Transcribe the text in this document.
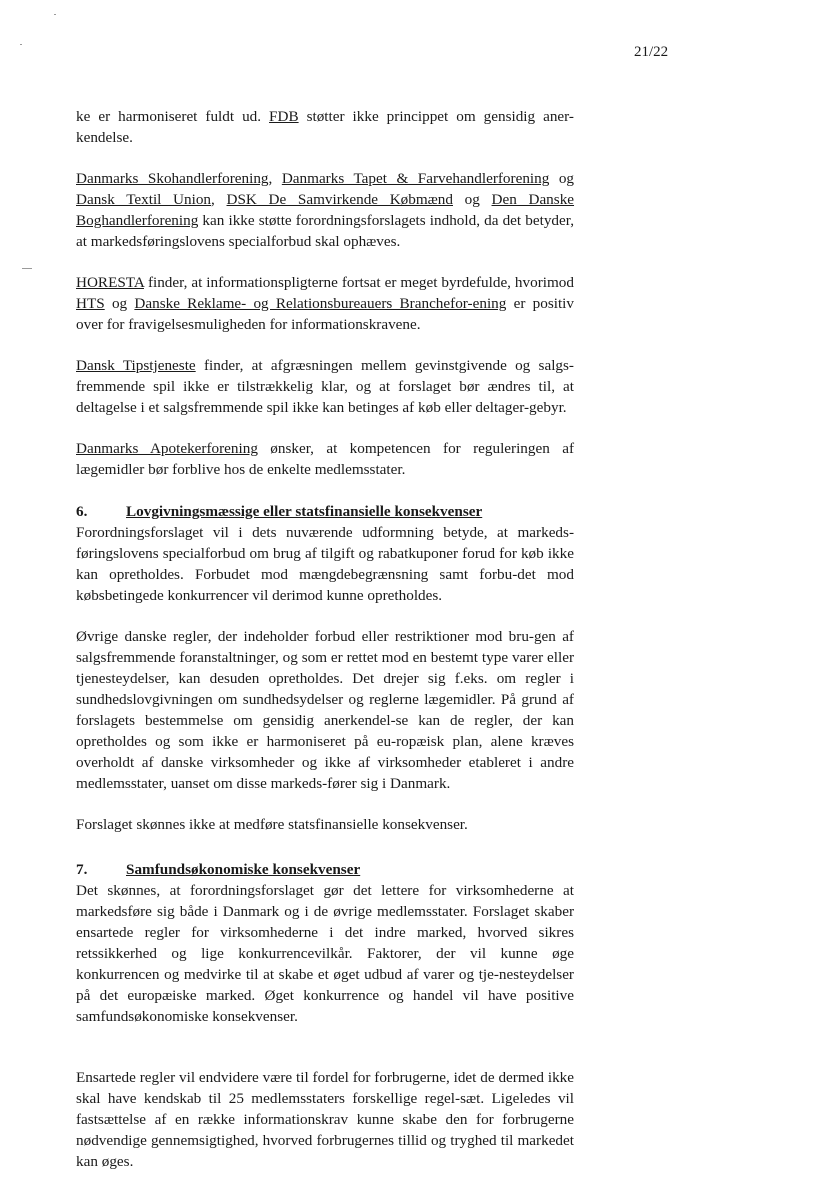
21/22

ke er harmoniseret fuldt ud. FDB støtter ikke princippet om gensidig aner-kendelse.

Danmarks Skohandlerforening, Danmarks Tapet & Farvehandlerforening og Dansk Textil Union, DSK De Samvirkende Købmænd og Den Danske Boghandlerforening kan ikke støtte forordningsforslagets indhold, da det betyder, at markedsføringslovens specialforbud skal ophæves.

HORESTA finder, at informationspligterne fortsat er meget byrdefulde, hvorimod HTS og Danske Reklame- og Relationsbureauers Branchefor-ening er positiv over for fravigelsesmuligheden for informationskravene.

Dansk Tipstjeneste finder, at afgræsningen mellem gevinstgivende og salgs-fremmende spil ikke er tilstrækkelig klar, og at forslaget bør ændres til, at deltagelse i et salgsfremmende spil ikke kan betinges af køb eller deltager-gebyr.

Danmarks Apotekerforening ønsker, at kompetencen for reguleringen af lægemidler bør forblive hos de enkelte medlemsstater.

6.	Lovgivningsmæssige eller statsfinansielle konsekvenser

Forordningsforslaget vil i dets nuværende udformning betyde, at markeds-føringslovens specialforbud om brug af tilgift og rabatkuponer forud for køb ikke kan opretholdes. Forbudet mod mængdebegrænsning samt forbu-det mod købsbetingede konkurrencer vil derimod kunne opretholdes.

Øvrige danske regler, der indeholder forbud eller restriktioner mod bru-gen af salgsfremmende foranstaltninger, og som er rettet mod en bestemt type varer eller tjenesteydelser, kan desuden opretholdes. Det drejer sig f.eks. om regler i sundhedslovgivningen om sundhedsydelser og reglerne lægemidler. På grund af forslagets bestemmelse om gensidig anerkendel-se kan de regler, der kan opretholdes og som ikke er harmoniseret på eu-ropæisk plan, alene kræves overholdt af danske virksomheder og ikke af virksomheder etableret i andre medlemsstater, uanset om disse markeds-fører sig i Danmark.

Forslaget skønnes ikke at medføre statsfinansielle konsekvenser.

7.	Samfundsøkonomiske konsekvenser

Det skønnes, at forordningsforslaget gør det lettere for virksomhederne at markedsføre sig både i Danmark og i de øvrige medlemsstater. Forslaget skaber ensartede regler for virksomhederne i det indre marked, hvorved sikres retssikkerhed og lige konkurrencevilkår. Faktorer, der vil kunne øge konkurrencen og medvirke til at skabe et øget udbud af varer og tje-nesteydelser på det europæiske marked. Øget konkurrence og handel vil have positive samfundsøkonomiske konsekvenser.

Ensartede regler vil endvidere være til fordel for forbrugerne, idet de dermed ikke skal have kendskab til 25 medlemsstaters forskellige regel-sæt. Ligeledes vil fastsættelse af en række informationskrav kunne skabe den for forbrugerne nødvendige gennemsigtighed, hvorved forbrugernes tillid og tryghed til markedet kan øges.
